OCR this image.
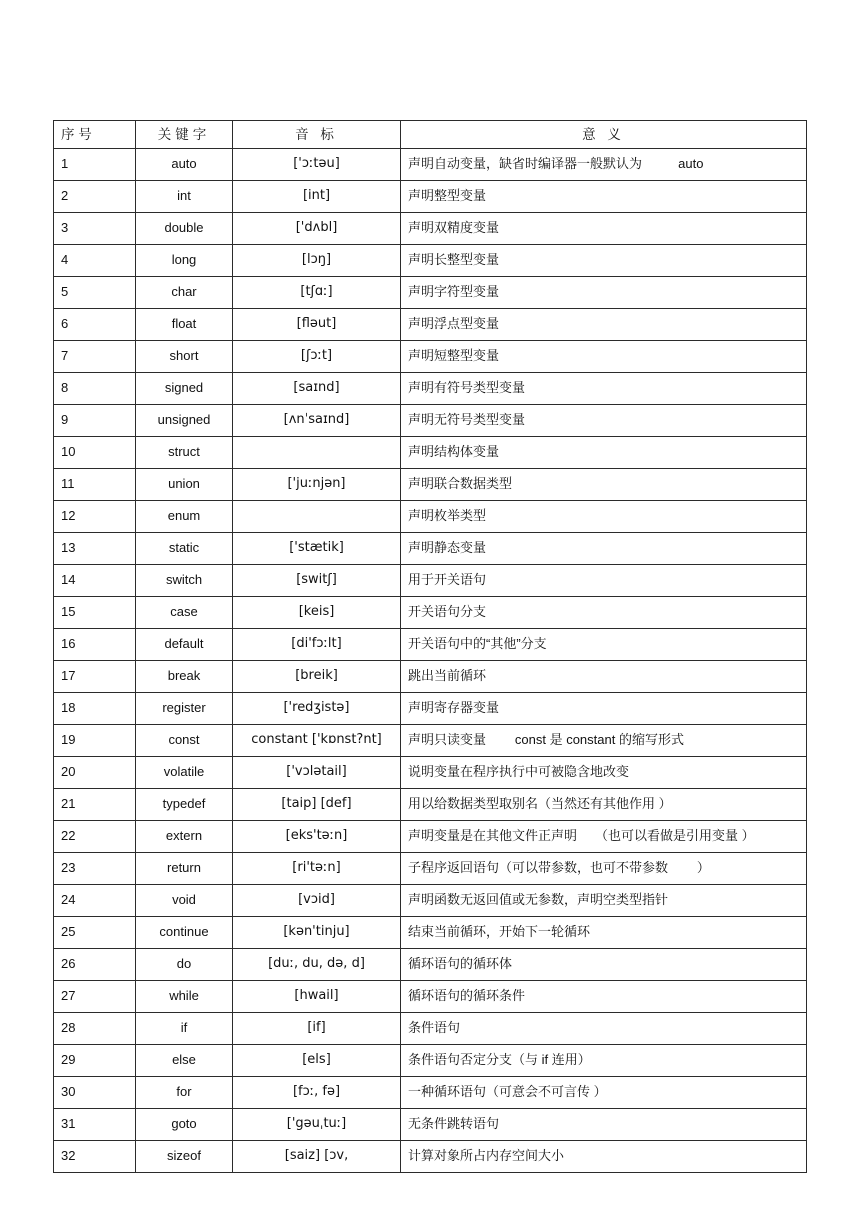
序 号	关键字	音 标	意 义
1	auto	['ɔːtəu]	声明自动变量，缺省时编译器一般默认为          auto
2	int	[int]	声明整型变量
3	double	['dʌbl]	声明双精度变量
4	long	[lɔŋ]	声明长整型变量
5	char	[tʃɑː]	声明字符型变量
6	float	[fləut]	声明浮点型变量
7	short	[ʃɔːt]	声明短整型变量
8	signed	[saɪnd]	声明有符号类型变量
9	unsigned	[ʌnˈsaɪnd]	声明无符号类型变量
10	struct		声明结构体变量
11	union	['juːnjən]	声明联合数据类型
12	enum		声明枚举类型
13	static	['stætik]	声明静态变量
14	switch	[switʃ]	用于开关语句
15	case	[keis]	开关语句分支
16	default	[di'fɔːlt]	开关语句中的“其他”分支
17	break	[breik]	跳出当前循环
18	register	['redʒistə]	声明寄存器变量
19	const	constant ['kɒnst?nt]	声明只读变量        const 是 constant 的缩写形式
20	volatile	['vɔlətail]	说明变量在程序执行中可被隐含地改变
21	typedef	[taip] [def]	用以给数据类型取别名（当然还有其他作用 ）
22	extern	[eks'təːn]	声明变量是在其他文件正声明     （也可以看做是引用变量 ）
23	return	[ri'təːn]	子程序返回语句（可以带参数，也可不带参数        ）
24	void	[vɔid]	声明函数无返回值或无参数，声明空类型指针
25	continue	[kən'tinju]	结束当前循环，开始下一轮循环
26	do	[duː, du, də, d]	循环语句的循环体
27	while	[hwail]	循环语句的循环条件
28	if	[if]	条件语句
29	else	[els]	条件语句否定分支（与 if 连用）
30	for	[fɔː, fə]	一种循环语句（可意会不可言传 ）
31	goto	['gəuˌtuː]	无条件跳转语句
32	sizeof	[saiz] [ɔv,	计算对象所占内存空间大小
